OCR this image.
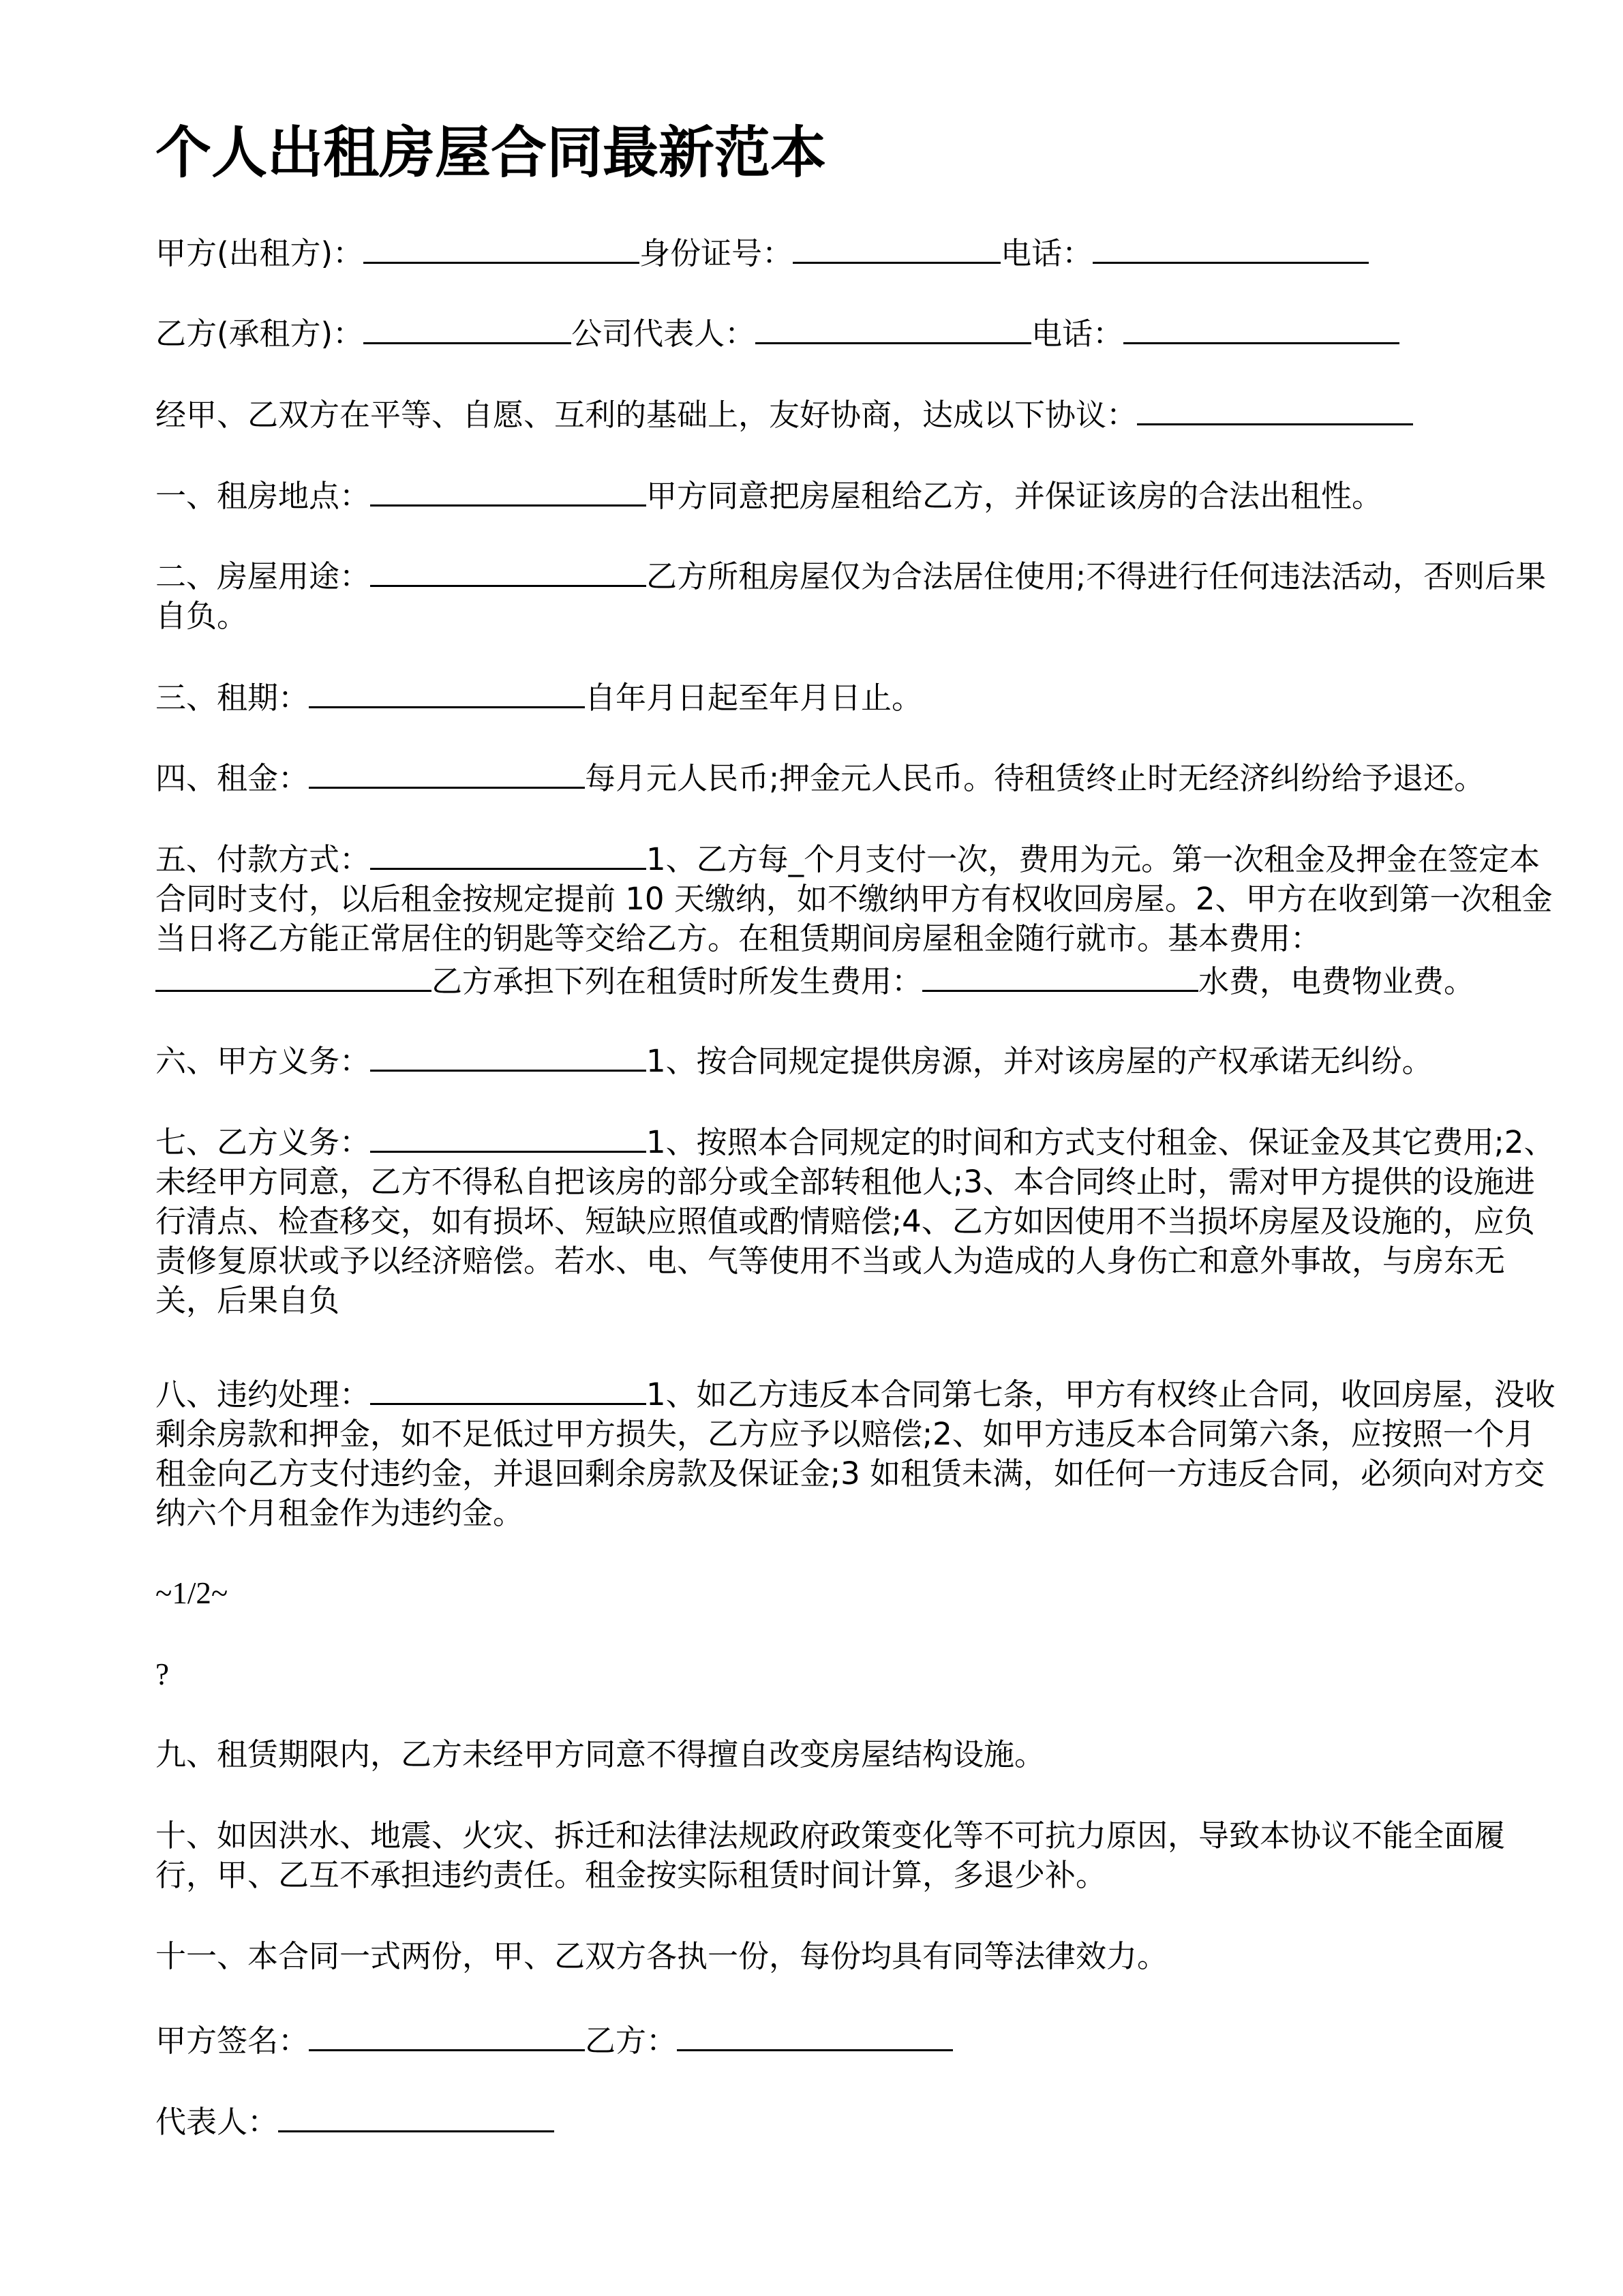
个人出租房屋合同最新范本

甲方(出租方)：	身份证号：	电话：

乙方(承租方)：	公司代表人：	电话：

经甲、乙双方在平等、自愿、互利的基础上，友好协商，达成以下协议：

一、租房地点：	甲方同意把房屋租给乙方，并保证该房的合法出租性。

二、房屋用途：	乙方所租房屋仅为合法居住使用;不得进行任何违法活动，否则后果自负。

三、租期：	自年月日起至年月日止。

四、租金：	每月元人民币;押金元人民币。待租赁终止时无经济纠纷给予退还。

五、付款方式：	1、乙方每_个月支付一次，费用为元。第一次租金及押金在签定本合同时支付，以后租金按规定提前 10 天缴纳，如不缴纳甲方有权收回房屋。2、甲方在收到第一次租金当日将乙方能正常居住的钥匙等交给乙方。在租赁期间房屋租金随行就市。基本费用：乙方承担下列在租赁时所发生费用：	水费，电费物业费。

六、甲方义务：	1、按合同规定提供房源，并对该房屋的产权承诺无纠纷。

七、乙方义务：	1、按照本合同规定的时间和方式支付租金、保证金及其它费用;2、未经甲方同意，乙方不得私自把该房的部分或全部转租他人;3、本合同终止时，需对甲方提供的设施进行清点、检查移交，如有损坏、短缺应照值或酌情赔偿;4、乙方如因使用不当损坏房屋及设施的，应负责修复原状或予以经济赔偿。若水、电、气等使用不当或人为造成的人身伤亡和意外事故，与房东无关，后果自负

八、违约处理：	1、如乙方违反本合同第七条，甲方有权终止合同，收回房屋，没收剩余房款和押金，如不足低过甲方损失，乙方应予以赔偿;2、如甲方违反本合同第六条，应按照一个月租金向乙方支付违约金，并退回剩余房款及保证金;3 如租赁未满，如任何一方违反合同，必须向对方交纳六个月租金作为违约金。

~1/2~

?

九、租赁期限内，乙方未经甲方同意不得擅自改变房屋结构设施。

十、如因洪水、地震、火灾、拆迁和法律法规政府政策变化等不可抗力原因，导致本协议不能全面履行，甲、乙互不承担违约责任。租金按实际租赁时间计算，多退少补。

十一、本合同一式两份，甲、乙双方各执一份，每份均具有同等法律效力。

甲方签名：	乙方：

代表人：
